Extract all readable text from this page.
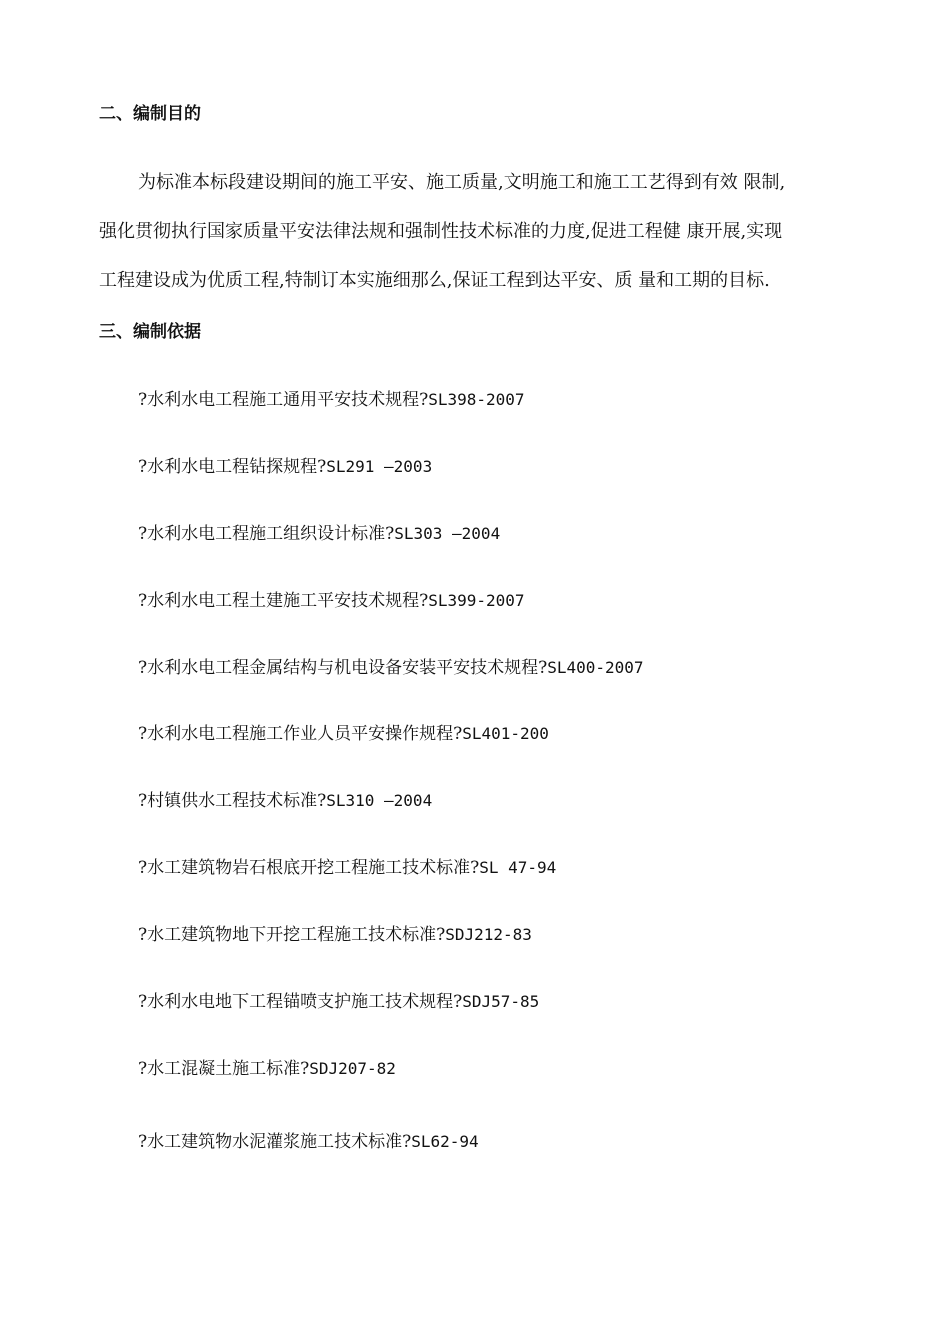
二、编制目的
为标准本标段建设期间的施工平安、施工质量,文明施工和施工工艺得到有效 限制,
强化贯彻执行国家质量平安法律法规和强制性技术标准的力度,促进工程健 康开展,实现
工程建设成为优质工程,特制订本实施细那么,保证工程到达平安、质 量和工期的目标.
三、编制依据
?水利水电工程施工通用平安技术规程?SL398-2007
?水利水电工程钻探规程?SL291 —2003
?水利水电工程施工组织设计标准?SL303 —2004
?水利水电工程土建施工平安技术规程?SL399-2007
?水利水电工程金属结构与机电设备安装平安技术规程?SL400-2007
?水利水电工程施工作业人员平安操作规程?SL401-200
?村镇供水工程技术标准?SL310 —2004
?水工建筑物岩石根底开挖工程施工技术标准?SL 47-94
?水工建筑物地下开挖工程施工技术标准?SDJ212-83
?水利水电地下工程锚喷支护施工技术规程?SDJ57-85
?水工混凝土施工标准?SDJ207-82
?水工建筑物水泥灌浆施工技术标准?SL62-94
